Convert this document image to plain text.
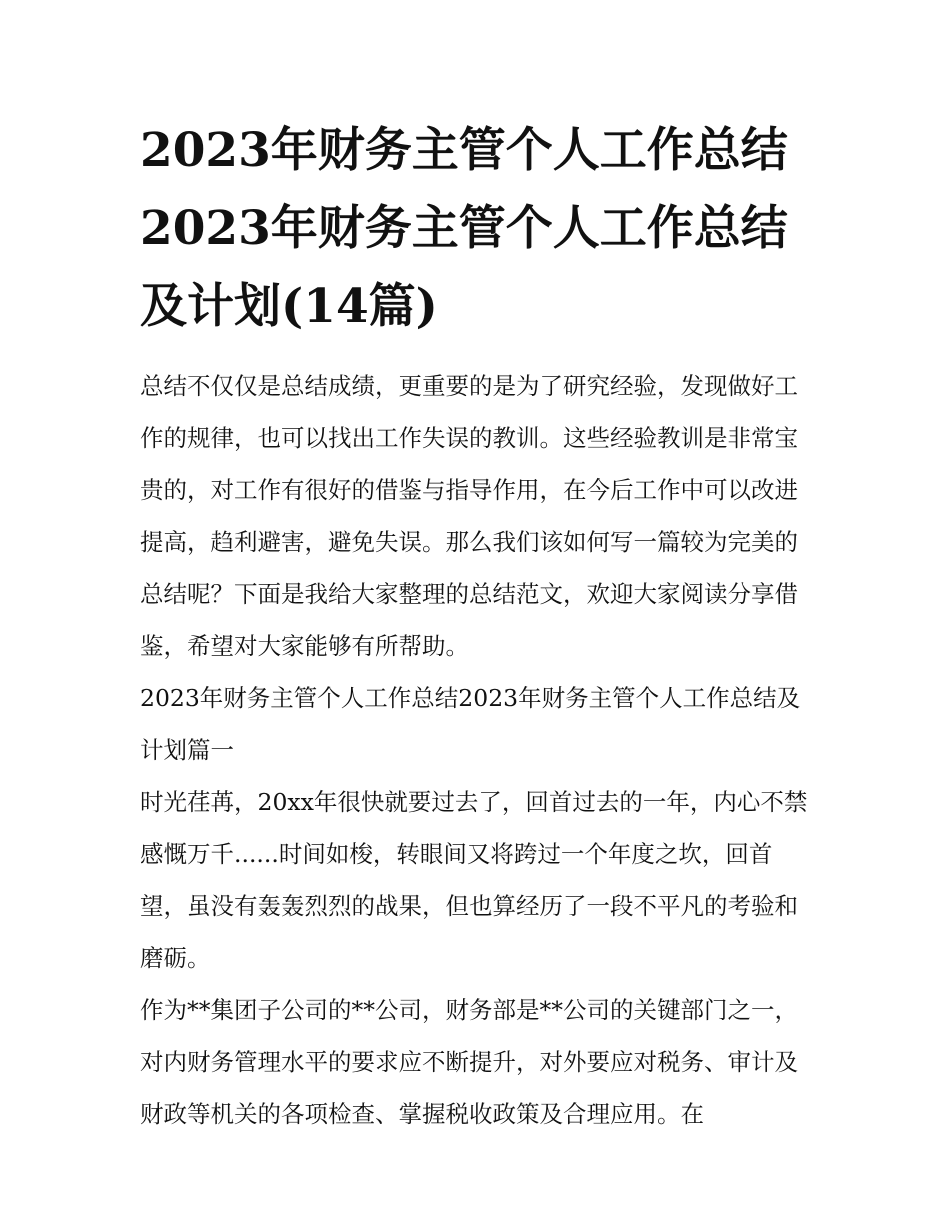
2023年财务主管个人工作总结2023年财务主管个人工作总结及计划(14篇)

总结不仅仅是总结成绩，更重要的是为了研究经验，发现做好工作的规律，也可以找出工作失误的教训。这些经验教训是非常宝贵的，对工作有很好的借鉴与指导作用，在今后工作中可以改进提高，趋利避害，避免失误。那么我们该如何写一篇较为完美的总结呢？下面是我给大家整理的总结范文，欢迎大家阅读分享借鉴，希望对大家能够有所帮助。

2023年财务主管个人工作总结2023年财务主管个人工作总结及计划篇一

时光荏苒，20xx年很快就要过去了，回首过去的一年，内心不禁感慨万千......时间如梭，转眼间又将跨过一个年度之坎，回首望，虽没有轰轰烈烈的战果，但也算经历了一段不平凡的考验和磨砺。

作为**集团子公司的**公司，财务部是**公司的关键部门之一，对内财务管理水平的要求应不断提升，对外要应对税务、审计及财政等机关的各项检查、掌握税收政策及合理应用。在
